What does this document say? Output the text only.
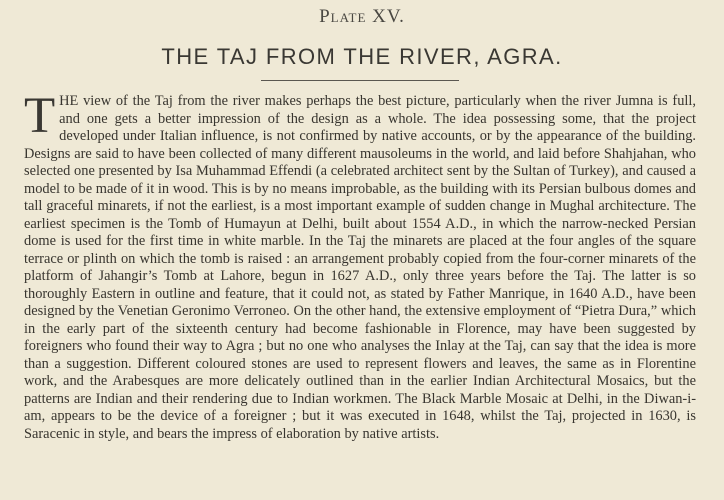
Plate XV.
THE TAJ FROM THE RIVER, AGRA.
THE view of the Taj from the river makes perhaps the best picture, particularly when the river Jumna is full, and one gets a better impression of the design as a whole. The idea possessing some, that the project developed under Italian influence, is not confirmed by native accounts, or by the appearance of the building. Designs are said to have been collected of many different mausoleums in the world, and laid before Shahjahan, who selected one presented by Isa Muhammad Effendi (a celebrated architect sent by the Sultan of Turkey), and caused a model to be made of it in wood. This is by no means improbable, as the building with its Persian bulbous domes and tall graceful minarets, if not the earliest, is a most important example of sudden change in Mughal architecture. The earliest specimen is the Tomb of Humayun at Delhi, built about 1554 A.D., in which the narrow-necked Persian dome is used for the first time in white marble. In the Taj the minarets are placed at the four angles of the square terrace or plinth on which the tomb is raised : an arrangement probably copied from the four-corner minarets of the platform of Jahangir’s Tomb at Lahore, begun in 1627 A.D., only three years before the Taj. The latter is so thoroughly Eastern in outline and feature, that it could not, as stated by Father Manrique, in 1640 A.D., have been designed by the Venetian Geronimo Verroneo. On the other hand, the extensive employment of “Pietra Dura,” which in the early part of the sixteenth century had become fashionable in Florence, may have been suggested by foreigners who found their way to Agra ; but no one who analyses the Inlay at the Taj, can say that the idea is more than a suggestion. Different coloured stones are used to represent flowers and leaves, the same as in Florentine work, and the Arabesques are more delicately outlined than in the earlier Indian Architectural Mosaics, but the patterns are Indian and their rendering due to Indian workmen. The Black Marble Mosaic at Delhi, in the Diwan-i-am, appears to be the device of a foreigner ; but it was executed in 1648, whilst the Taj, projected in 1630, is Saracenic in style, and bears the impress of elaboration by native artists.
